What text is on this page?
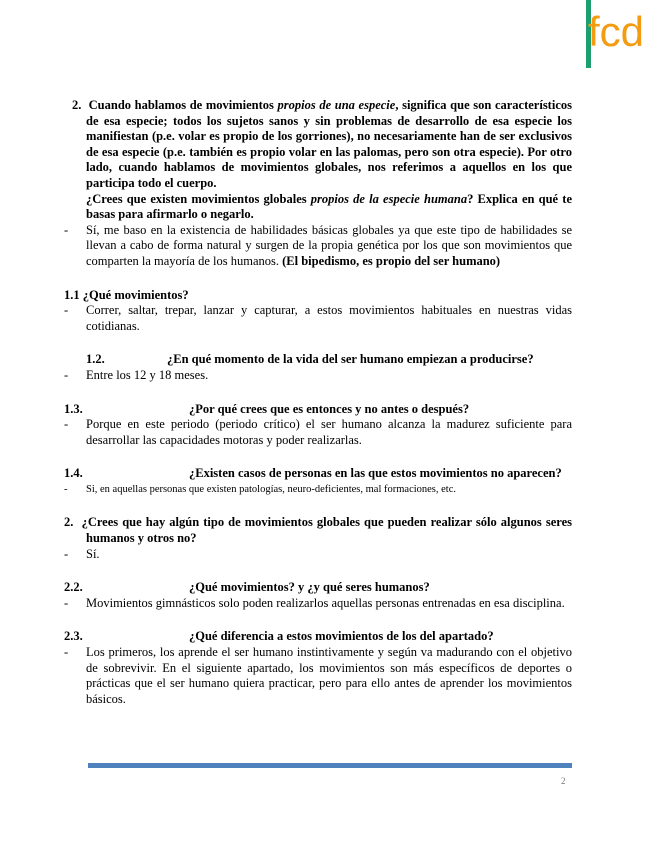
fcd

2. Cuando hablamos de movimientos propios de una especie, significa que son característicos de esa especie; todos los sujetos sanos y sin problemas de desarrollo de esa especie los manifiestan (p.e. volar es propio de los gorriones), no necesariamente han de ser exclusivos de esa especie (p.e. también es propio volar en las palomas, pero son otra especie). Por otro lado, cuando hablamos de movimientos globales, nos referimos a aquellos en los que participa todo el cuerpo.

¿Crees que existen movimientos globales propios de la especie humana? Explica en qué te basas para afirmarlo o negarlo.

- Sí, me baso en la existencia de habilidades básicas globales ya que este tipo de habilidades se llevan a cabo de forma natural y surgen de la propia genética por los que son movimientos que comparten la mayoría de los humanos. (El bipedismo, es propio del ser humano)

1.1 ¿Qué movimientos?

- Correr, saltar, trepar, lanzar y capturar, a estos movimientos habituales en nuestras vidas cotidianas.

1.2.	¿En qué momento de la vida del ser humano empiezan a producirse?

- Entre los 12 y 18 meses.

1.3.	¿Por qué crees que es entonces y no antes o después?

- Porque en este periodo (periodo crítico) el ser humano alcanza la madurez suficiente para desarrollar las capacidades motoras y poder realizarlas.

1.4.	¿Existen casos de personas en las que estos movimientos no aparecen?

- Si, en aquellas personas que existen patologías, neuro-deficientes, mal formaciones, etc.

2. ¿Crees que hay algún tipo de movimientos globales que pueden realizar sólo algunos seres humanos y otros no?

- Sí.

2.2.	¿Qué movimientos? y ¿y qué seres humanos?

- Movimientos gimnásticos solo poden realizarlos aquellas personas entrenadas en esa disciplina.

2.3.	¿Qué diferencia a estos movimientos de los del apartado?

- Los primeros, los aprende el ser humano instintivamente y según va madurando con el objetivo de sobrevivir. En el siguiente apartado, los movimientos son más específicos de deportes o prácticas que el ser humano quiera practicar, pero para ello antes de aprender los movimientos básicos.

2
